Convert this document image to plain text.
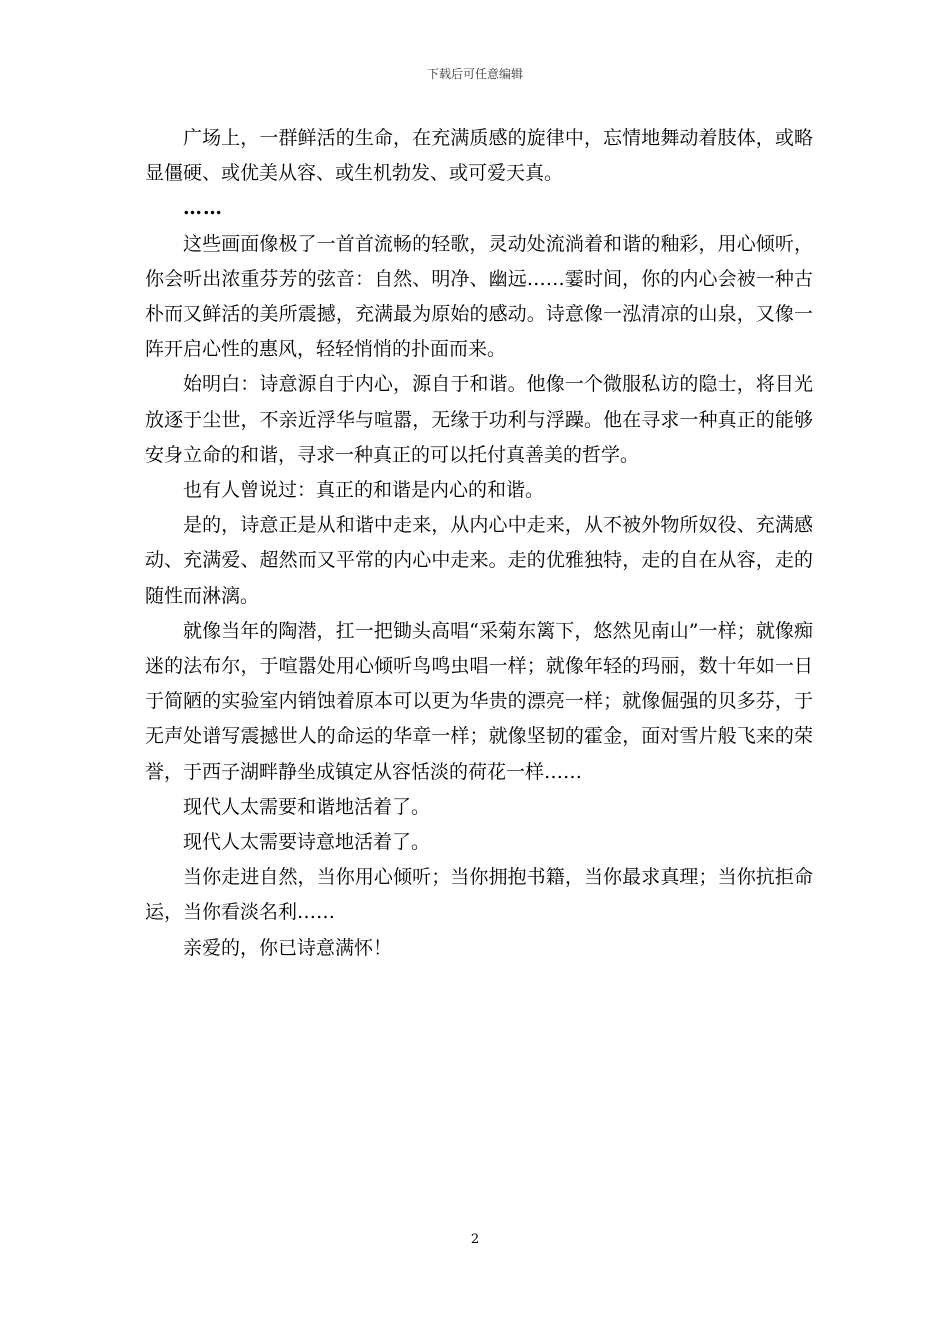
下载后可任意编辑

广场上，一群鲜活的生命，在充满质感的旋律中，忘情地舞动着肢体，或略显僵硬、或优美从容、或生机勃发、或可爱天真。

……

这些画面像极了一首首流畅的轻歌，灵动处流淌着和谐的釉彩，用心倾听，你会听出浓重芬芳的弦音：自然、明净、幽远……霎时间，你的内心会被一种古朴而又鲜活的美所震撼，充满最为原始的感动。诗意像一泓清凉的山泉，又像一阵开启心性的惠风，轻轻悄悄的扑面而来。

始明白：诗意源自于内心，源自于和谐。他像一个微服私访的隐士，将目光放逐于尘世，不亲近浮华与喧嚣，无缘于功利与浮躁。他在寻求一种真正的能够安身立命的和谐，寻求一种真正的可以托付真善美的哲学。

也有人曾说过：真正的和谐是内心的和谐。

是的，诗意正是从和谐中走来，从内心中走来，从不被外物所奴役、充满感动、充满爱、超然而又平常的内心中走来。走的优雅独特，走的自在从容，走的随性而淋漓。

就像当年的陶潜，扛一把锄头高唱“采菊东篱下，悠然见南山”一样；就像痴迷的法布尔，于喧嚣处用心倾听鸟鸣虫唱一样；就像年轻的玛丽，数十年如一日于简陋的实验室内销蚀着原本可以更为华贵的漂亮一样；就像倔强的贝多芬，于无声处谱写震撼世人的命运的华章一样；就像坚韧的霍金，面对雪片般飞来的荣誉，于西子湖畔静坐成镇定从容恬淡的荷花一样……

现代人太需要和谐地活着了。

现代人太需要诗意地活着了。

当你走进自然，当你用心倾听；当你拥抱书籍，当你最求真理；当你抗拒命运，当你看淡名利……

亲爱的，你已诗意满怀！

2
